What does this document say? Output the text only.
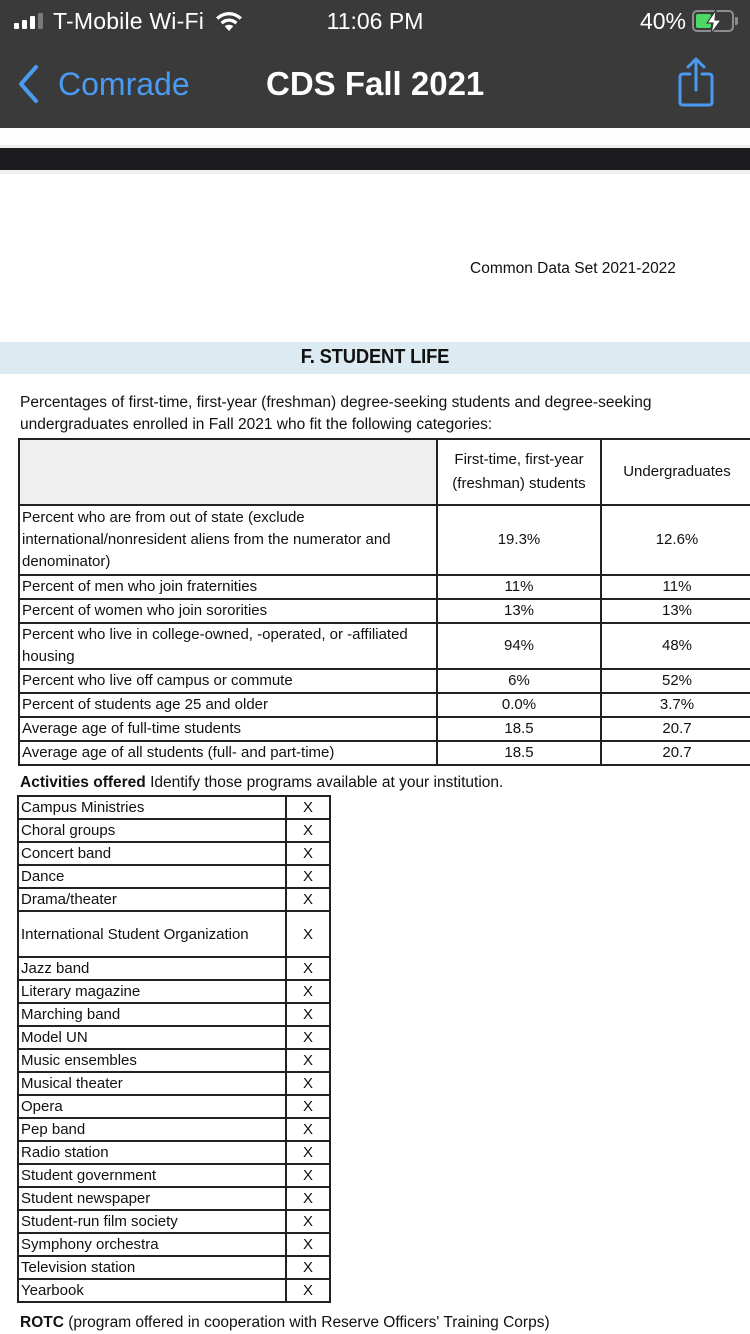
T-Mobile Wi-Fi	11:06 PM	40%
Comrade CDS Fall 2021
Common Data Set 2021-2022
F. STUDENT LIFE
Percentages of first-time, first-year (freshman) degree-seeking students and degree-seeking undergraduates enrolled in Fall 2021 who fit the following categories:
	First-time, first-year (freshman) students	Undergraduates
Percent who are from out of state (exclude international/nonresident aliens from the numerator and denominator)	19.3%	12.6%
Percent of men who join fraternities	11%	11%
Percent of women who join sororities	13%	13%
Percent who live in college-owned, -operated, or -affiliated housing	94%	48%
Percent who live off campus or commute	6%	52%
Percent of students age 25 and older	0.0%	3.7%
Average age of full-time students	18.5	20.7
Average age of all students (full- and part-time)	18.5	20.7
Activities offered Identify those programs available at your institution.
Campus Ministries	X
Choral groups	X
Concert band	X
Dance	X
Drama/theater	X
International Student Organization	X
Jazz band	X
Literary magazine	X
Marching band	X
Model UN	X
Music ensembles	X
Musical theater	X
Opera	X
Pep band	X
Radio station	X
Student government	X
Student newspaper	X
Student-run film society	X
Symphony orchestra	X
Television station	X
Yearbook	X
ROTC (program offered in cooperation with Reserve Officers' Training Corps)
